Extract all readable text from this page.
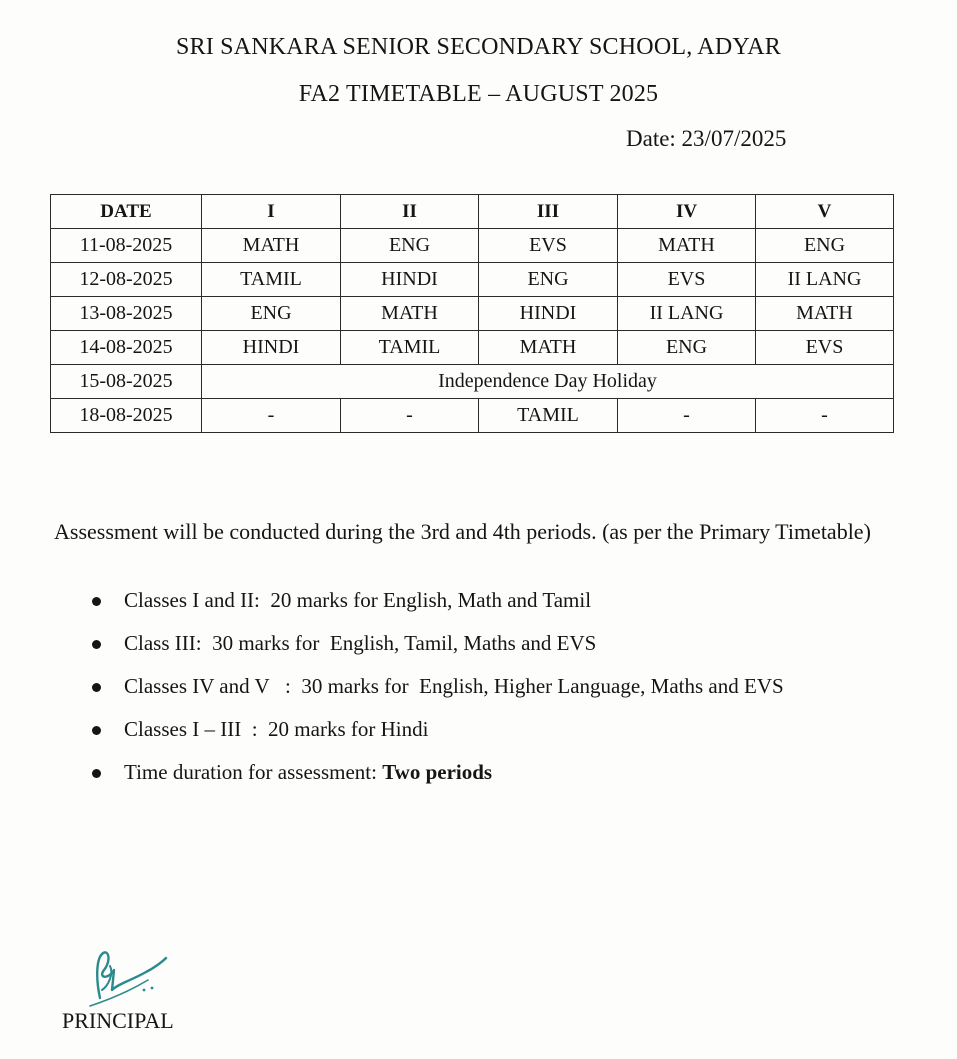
SRI SANKARA SENIOR SECONDARY SCHOOL, ADYAR
FA2 TIMETABLE – AUGUST 2025
Date: 23/07/2025
DATE	I	II	III	IV	V
11-08-2025	MATH	ENG	EVS	MATH	ENG
12-08-2025	TAMIL	HINDI	ENG	EVS	II LANG
13-08-2025	ENG	MATH	HINDI	II LANG	MATH
14-08-2025	HINDI	TAMIL	MATH	ENG	EVS
15-08-2025	Independence Day Holiday				
18-08-2025	-	-	TAMIL	-	-
Assessment will be conducted during the 3rd and 4th periods. (as per the Primary Timetable)
Classes I and II:  20 marks for English, Math and Tamil
Class III:  30 marks for  English, Tamil, Maths and EVS
Classes IV and V   :  30 marks for  English, Higher Language, Maths and EVS
Classes I – III  :  20 marks for Hindi
Time duration for assessment: Two periods
PRINCIPAL
